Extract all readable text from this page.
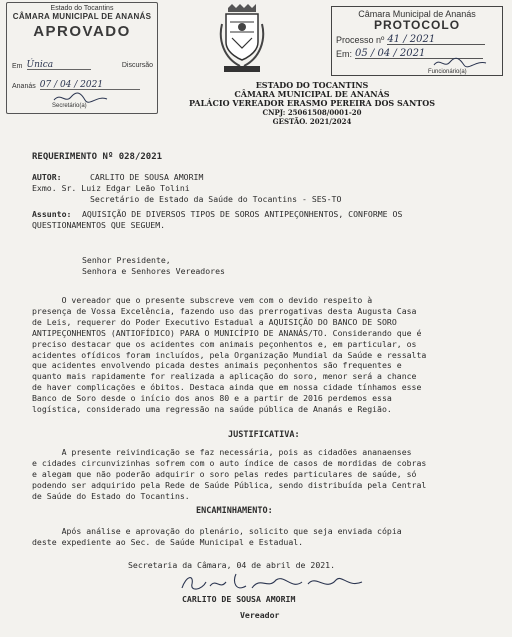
Estado do Tocantins
CÂMARA MUNICIPAL DE ANANÁS
APROVADO
Em Única	Discursão
Ananás 07 / 04 / 2021
Secretário(a)
Câmara Municipal de Ananás
PROTOCOLO
Processo nº 41 / 2021
Em: 05 / 04 / 2021
Funcionário(a)
ESTADO DO TOCANTINS
CÂMARA MUNICIPAL DE ANANÁS
PALÁCIO VEREADOR ERASMO PEREIRA DOS SANTOS
CNPJ: 25061508/0001-20
GESTÃO. 2021/2024
REQUERIMENTO Nº 028/2021
AUTOR:	CARLITO DE SOUSA AMORIM
Exmo. Sr. Luiz Edgar Leão Tolini
Secretário de Estado da Saúde do Tocantins - SES-TO
Assunto: AQUISIÇÃO DE DIVERSOS TIPOS DE SOROS ANTIPEÇONHENTOS, CONFORME OS
QUESTIONAMENTOS QUE SEGUEM.
Senhor Presidente,
Senhora e Senhores Vereadores
O vereador que o presente subscreve vem com o devido respeito à
presença de Vossa Excelência, fazendo uso das prerrogativas desta Augusta Casa
de Leis, requerer do Poder Executivo Estadual a AQUISIÇÃO DO BANCO DE SORO
ANTIPEÇONHENTOS (ANTIOFÍDICO) PARA O MUNICÍPIO DE ANANÁS/TO. Considerando que é
preciso destacar que os acidentes com animais peçonhentos e, em particular, os
acidentes ofídicos foram incluídos, pela Organização Mundial da Saúde e ressalta
que acidentes envolvendo picada destes animais peçonhentos são frequentes e
quanto mais rapidamente for realizada a aplicação do soro, menor será a chance
de haver complicações e óbitos. Destaca ainda que em nossa cidade tínhamos esse
Banco de Soro desde o início dos anos 80 e a partir de 2016 perdemos essa
logística, considerado uma regressão na saúde pública de Ananás e Região.
JUSTIFICATIVA:
A presente reivindicação se faz necessária, pois as cidadões ananaenses
e cidades circunvizinhas sofrem com o auto índice de casos de mordidas de cobras
e alegam que não poderão adquirir o soro pelas redes particulares de saúde, só
podendo ser adquirido pela Rede de Saúde Pública, sendo distribuída pela Central
de Saúde do Estado do Tocantins.
ENCAMINHAMENTO:
Após análise e aprovação do plenário, solicito que seja enviada cópia
deste expediente ao Sec. de Saúde Municipal e Estadual.
Secretaria da Câmara, 04 de abril de 2021.
CARLITO DE SOUSA AMORIM
Vereador
